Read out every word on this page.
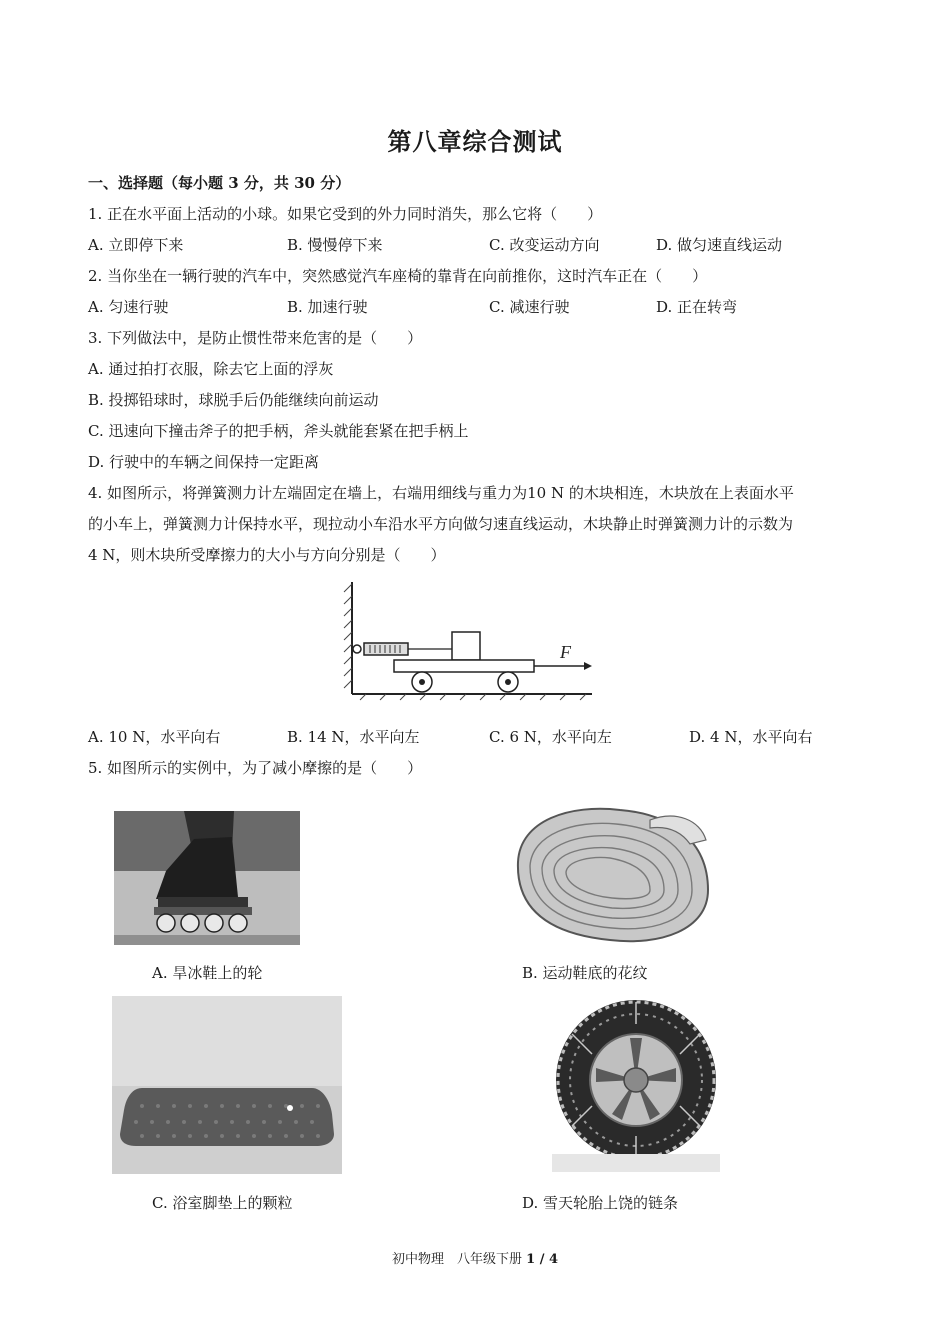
第八章综合测试
一、选择题（每小题 3 分，共 30 分）
1. 正在水平面上活动的小球。如果它受到的外力同时消失，那么它将（　　）
A. 立即停下来	B. 慢慢停下来	C. 改变运动方向	D. 做匀速直线运动
2. 当你坐在一辆行驶的汽车中，突然感觉汽车座椅的靠背在向前推你，这时汽车正在（　　）
A. 匀速行驶	B. 加速行驶	C. 减速行驶	D. 正在转弯
3. 下列做法中，是防止惯性带来危害的是（　　）
A. 通过拍打衣服，除去它上面的浮灰
B. 投掷铅球时，球脱手后仍能继续向前运动
C. 迅速向下撞击斧子的把手柄，斧头就能套紧在把手柄上
D. 行驶中的车辆之间保持一定距离
4. 如图所示，将弹簧测力计左端固定在墙上，右端用细线与重力为10 N 的木块相连，木块放在上表面水平
的小车上，弹簧测力计保持水平，现拉动小车沿水平方向做匀速直线运动，木块静止时弹簧测力计的示数为
4 N，则木块所受摩擦力的大小与方向分别是（　　）
F
A. 10 N，水平向右	B. 14 N，水平向左	C. 6 N，水平向左	D. 4 N，水平向右
5. 如图所示的实例中，为了减小摩擦的是（　　）
A. 旱冰鞋上的轮	B. 运动鞋底的花纹
C. 浴室脚垫上的颗粒	D. 雪天轮胎上饶的链条
初中物理　八年级下册 1 / 4
